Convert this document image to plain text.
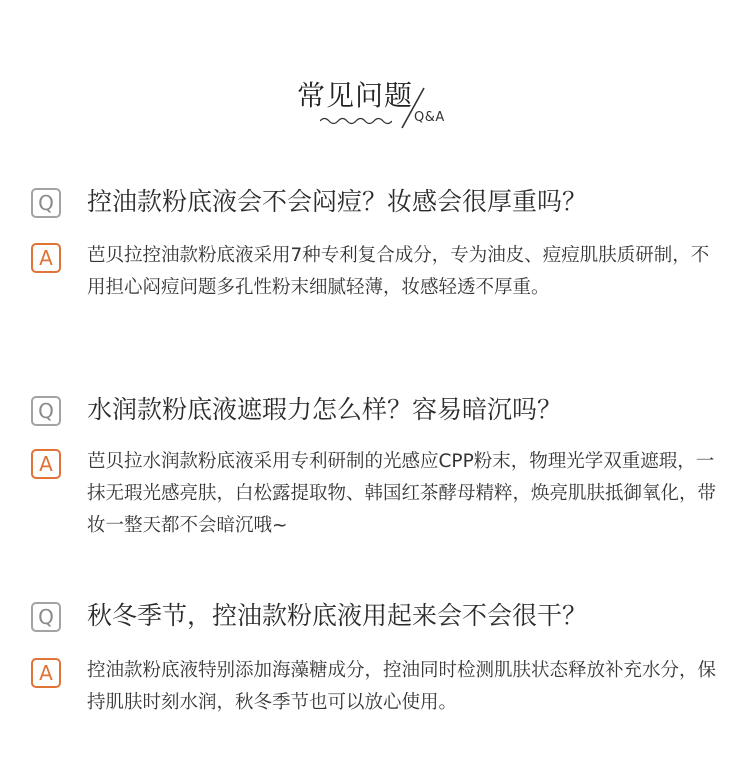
常见问题
Q&A
Q 控油款粉底液会不会闷痘？妆感会很厚重吗？
A	芭贝拉控油款粉底液采用7种专利复合成分，专为油皮、痘痘肌肤质研制，不用担心闷痘问题多孔性粉末细腻轻薄，妆感轻透不厚重。
Q 水润款粉底液遮瑕力怎么样？容易暗沉吗？
A	芭贝拉水润款粉底液采用专利研制的光感应CPP粉末，物理光学双重遮瑕，一抹无瑕光感亮肤，白松露提取物、韩国红茶酵母精粹，焕亮肌肤抵御氧化，带妆一整天都不会暗沉哦~
Q 秋冬季节，控油款粉底液用起来会不会很干？
A	控油款粉底液特别添加海藻糖成分，控油同时检测肌肤状态释放补充水分，保持肌肤时刻水润，秋冬季节也可以放心使用。
